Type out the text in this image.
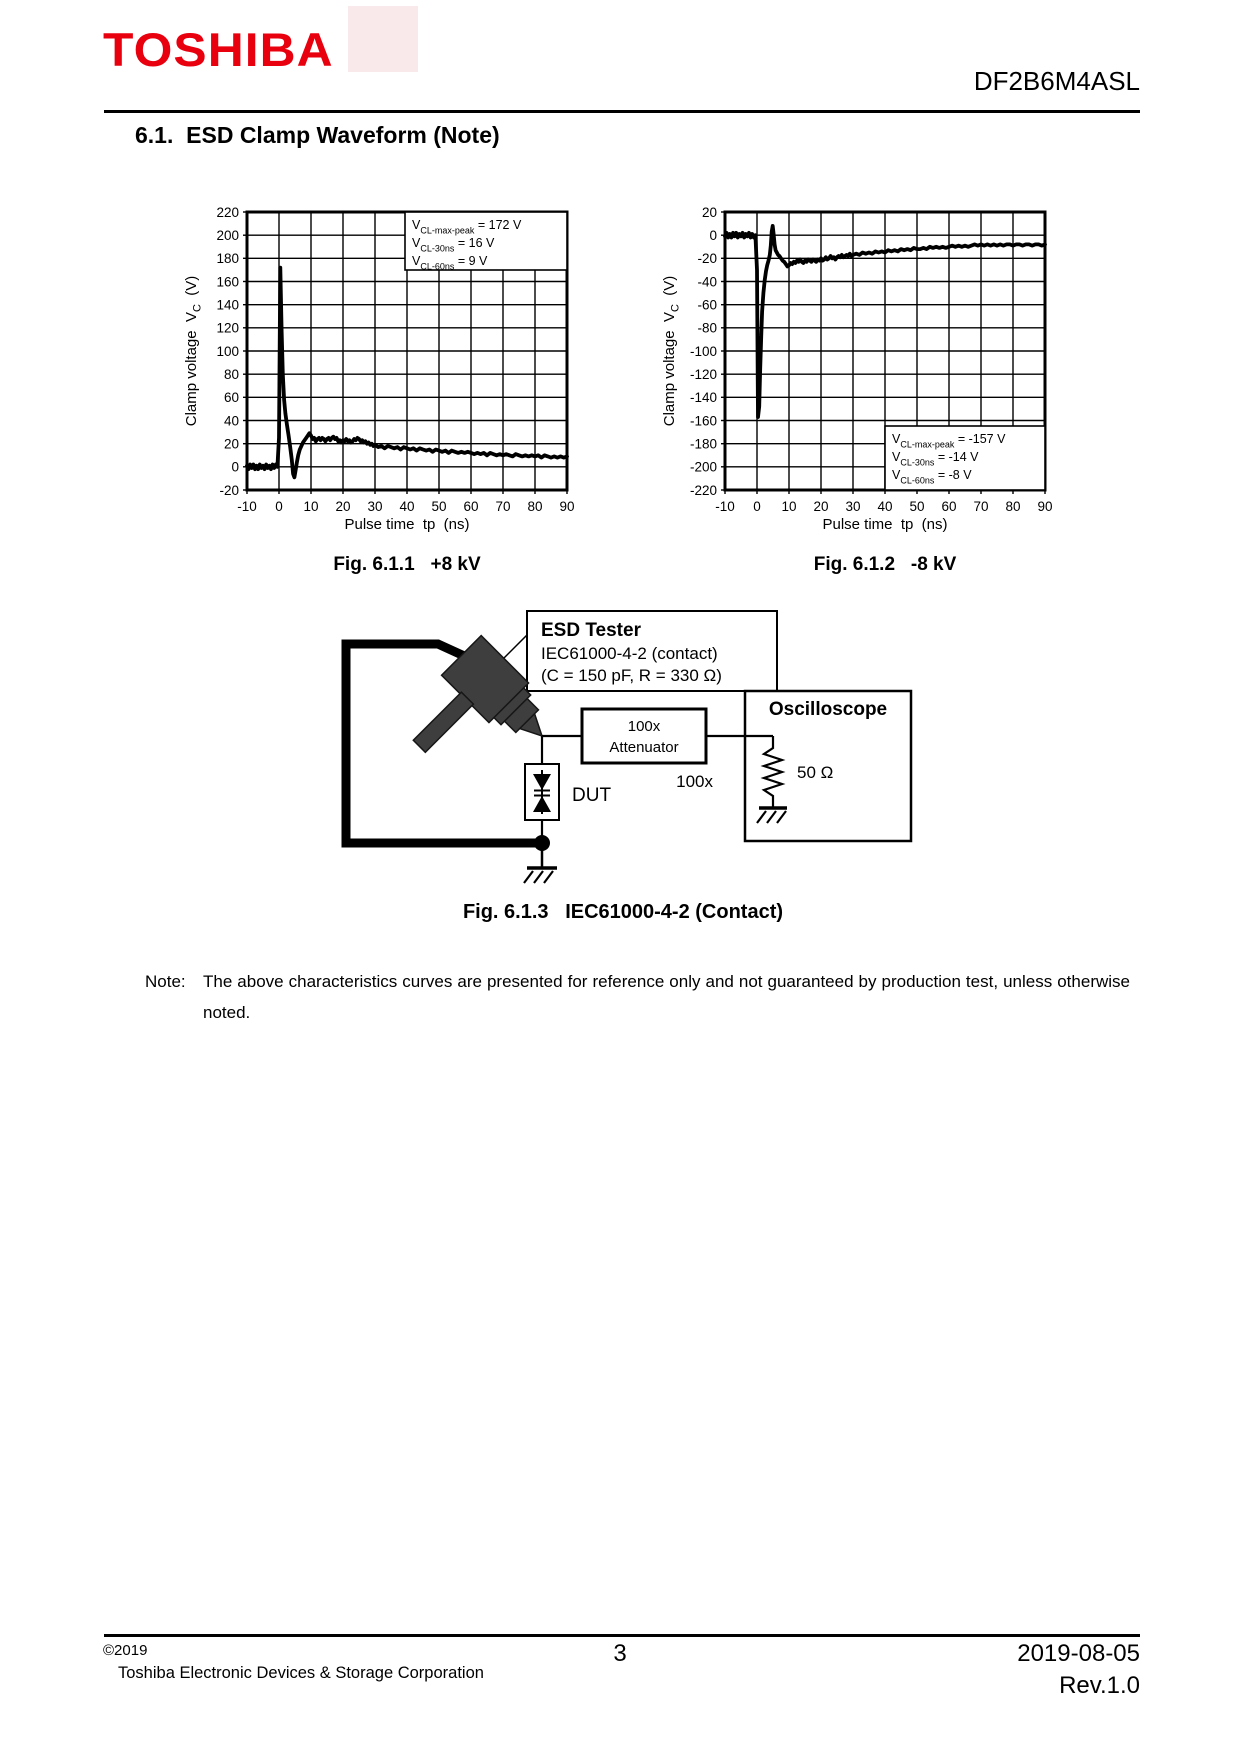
TOSHIBA
DF2B6M4ASL
6.1.  ESD Clamp Waveform (Note)
-10 0 10 20 30 40 50 60 70 80 90
220
200
180
160
140
120
100
80
60
40
20
0
-20
$V_{CL-max-peak}$ $^{= 172 V}$
$V_{CL-30ns}$ $^{= 16 V}$
$V_{CL-60ns}$ $^{= 9 V}$
Pulse time  tp  (ns)
Clamp voltage  $V_C$  (V)
-10 0 10 20 30 40 50 60 70 80 90
20
0
-20
-40
-60
-80
-100
-120
-140
-160
-180
-200
-220
$V_{CL-max-peak}$ $^{= -157 V}$
$V_{CL-30ns}$ $^{= -14 V}$
$V_{CL-60ns}$ $^{= -8 V}$
Pulse time  tp  (ns)
Clamp voltage  $V_C$  (V)
Fig. 6.1.1   +8 kV	Fig. 6.1.2   -8 kV
ESD Tester
IEC61000-4-2 (contact)
(C = 150 pF, R = 330 Ω)
Oscilloscope
100x
Attenuator
50 Ω
100x
DUT
Fig. 6.1.3   IEC61000-4-2 (Contact)
Note:	The above characteristics curves are presented for reference only and not guaranteed by production test, unless otherwise noted.
©2019
Toshiba Electronic Devices & Storage Corporation
3	2019-08-05
Rev.1.0
